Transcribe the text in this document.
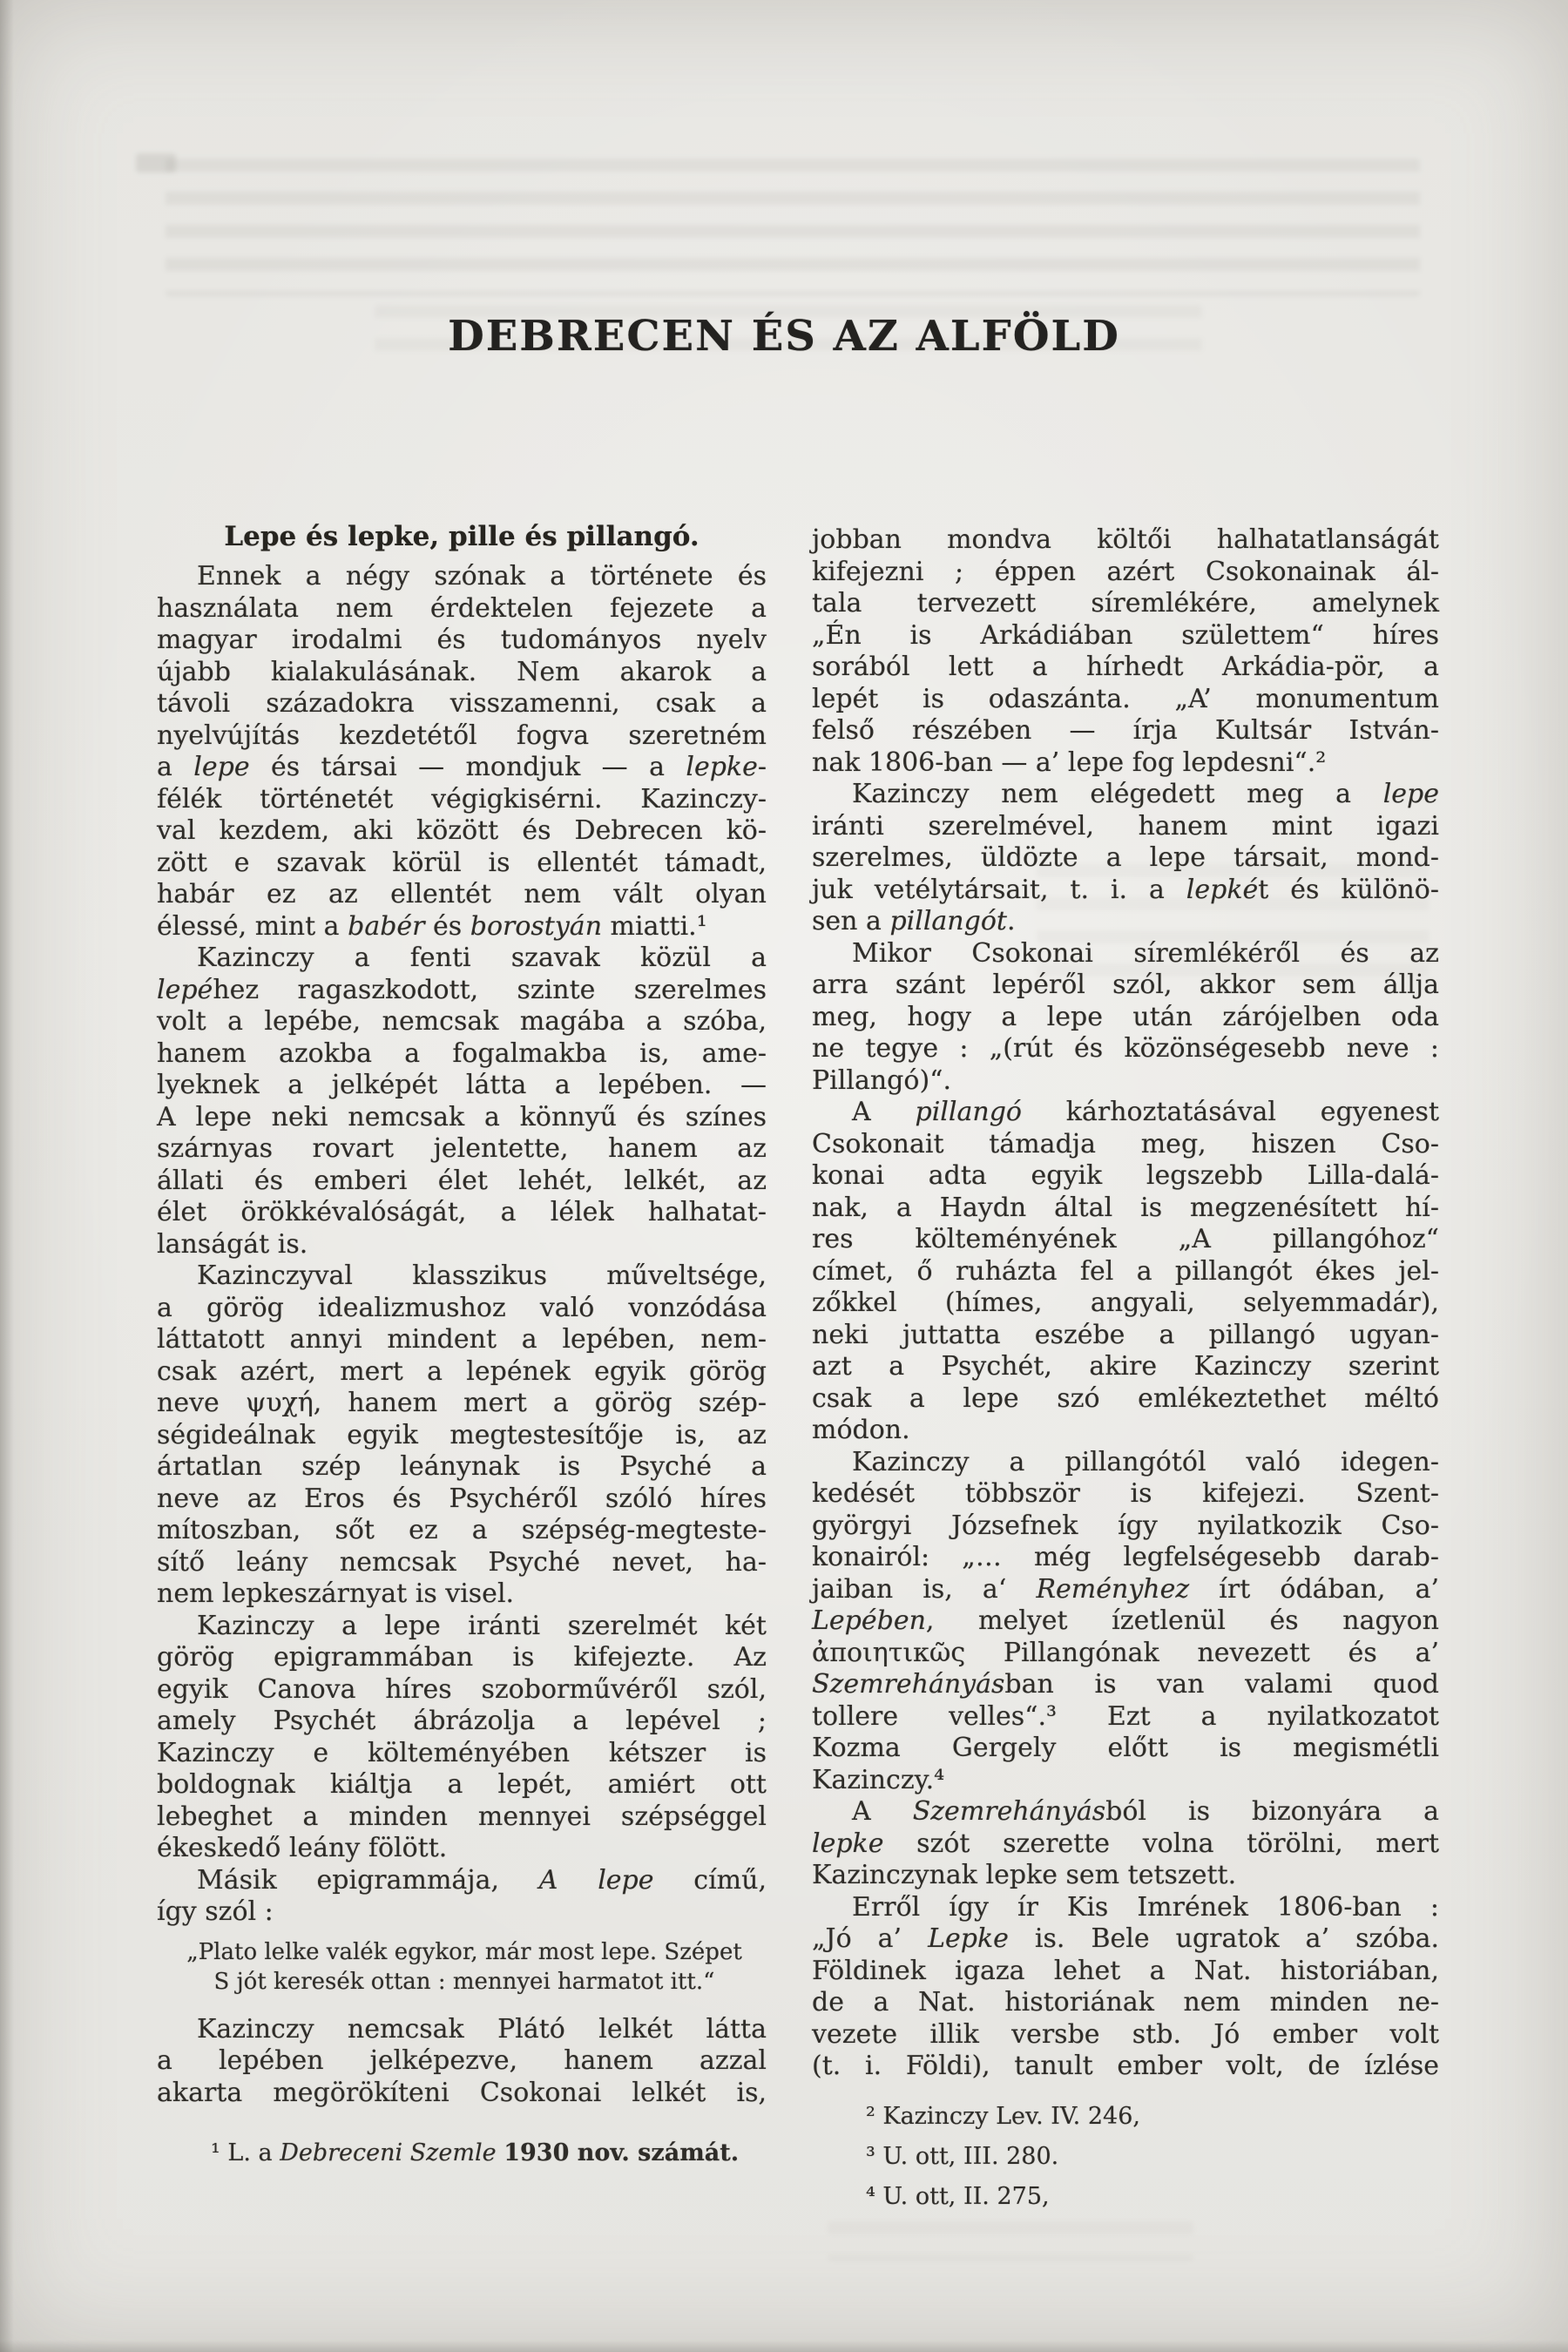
DEBRECEN ÉS AZ ALFÖLD
Lepe és lepke, pille és pillangó.
Ennek a négy szónak a története és
használata nem érdektelen fejezete a
magyar irodalmi és tudományos nyelv
újabb kialakulásának. Nem akarok a
távoli századokra visszamenni, csak a
nyelvújítás kezdetétől fogva szeretném
a lepe és társai — mondjuk — a lepke-
félék történetét végigkisérni. Kazinczy-
val kezdem, aki között és Debrecen kö-
zött e szavak körül is ellentét támadt,
habár ez az ellentét nem vált olyan
élessé, mint a babér és borostyán miatti.¹
Kazinczy a fenti szavak közül a
lepéhez ragaszkodott, szinte szerelmes
volt a lepébe, nemcsak magába a szóba,
hanem azokba a fogalmakba is, ame-
lyeknek a jelképét látta a lepében. —
A lepe neki nemcsak a könnyű és színes
szárnyas rovart jelentette, hanem az
állati és emberi élet lehét, lelkét, az
élet örökkévalóságát, a lélek halhatat-
lanságát is.
Kazinczyval klasszikus műveltsége,
a görög idealizmushoz való vonzódása
láttatott annyi mindent a lepében, nem-
csak azért, mert a lepének egyik görög
neve ψυχή, hanem mert a görög szép-
ségideálnak egyik megtestesítője is, az
ártatlan szép leánynak is Psyché a
neve az Eros és Psychéről szóló híres
mítoszban, sőt ez a szépség-megteste-
sítő leány nemcsak Psyché nevet, ha-
nem lepkeszárnyat is visel.
Kazinczy a lepe iránti szerelmét két
görög epigrammában is kifejezte. Az
egyik Canova híres szoborművéről szól,
amely Psychét ábrázolja a lepével ;
Kazinczy e költeményében kétszer is
boldognak kiáltja a lepét, amiért ott
lebeghet a minden mennyei szépséggel
ékeskedő leány fölött.
Másik epigrammája, A lepe című,
így szól :
„Plato lelke valék egykor, már most lepe. Szépet
S jót keresék ottan : mennyei harmatot itt.“
Kazinczy nemcsak Plátó lelkét látta
a lepében jelképezve, hanem azzal
akarta megörökíteni Csokonai lelkét is,
¹ L. a Debreceni Szemle 1930 nov. számát.
jobban mondva költői halhatatlanságát
kifejezni ; éppen azért Csokonainak ál-
tala tervezett síremlékére, amelynek
„Én is Arkádiában születtem“ híres
sorából lett a hírhedt Arkádia-pör, a
lepét is odaszánta. „A’ monumentum
felső részében — írja Kultsár István-
nak 1806-ban — a’ lepe fog lepdesni“.²
Kazinczy nem elégedett meg a lepe
iránti szerelmével, hanem mint igazi
szerelmes, üldözte a lepe társait, mond-
juk vetélytársait, t. i. a lepkét és különö-
sen a pillangót.
Mikor Csokonai síremlékéről és az
arra szánt lepéről szól, akkor sem állja
meg, hogy a lepe után zárójelben oda
ne tegye : „(rút és közönségesebb neve :
Pillangó)“.
A pillangó kárhoztatásával egyenest
Csokonait támadja meg, hiszen Cso-
konai adta egyik legszebb Lilla-dalá-
nak, a Haydn által is megzenésített hí-
res költeményének „A pillangóhoz“
címet, ő ruházta fel a pillangót ékes jel-
zőkkel (hímes, angyali, selyemmadár),
neki juttatta eszébe a pillangó ugyan-
azt a Psychét, akire Kazinczy szerint
csak a lepe szó emlékeztethet méltó
módon.
Kazinczy a pillangótól való idegen-
kedését többször is kifejezi. Szent-
györgyi Józsefnek így nyilatkozik Cso-
konairól: „… még legfelségesebb darab-
jaiban is, a‘ Reményhez írt ódában, a’
Lepében, melyet ízetlenül és nagyon
ἀποιητικῶς Pillangónak nevezett és a’
Szemrehányásban is van valami quod
tollere velles“.³ Ezt a nyilatkozatot
Kozma Gergely előtt is megismétli
Kazinczy.⁴
A Szemrehányásból is bizonyára a
lepke szót szerette volna törölni, mert
Kazinczynak lepke sem tetszett.
Erről így ír Kis Imrének 1806-ban :
„Jó a’ Lepke is. Bele ugratok a’ szóba.
Földinek igaza lehet a Nat. historiában,
de a Nat. historiának nem minden ne-
vezete illik versbe stb. Jó ember volt
(t. i. Földi), tanult ember volt, de ízlése
² Kazinczy Lev. IV. 246,
³ U. ott, III. 280.
⁴ U. ott, II. 275,
